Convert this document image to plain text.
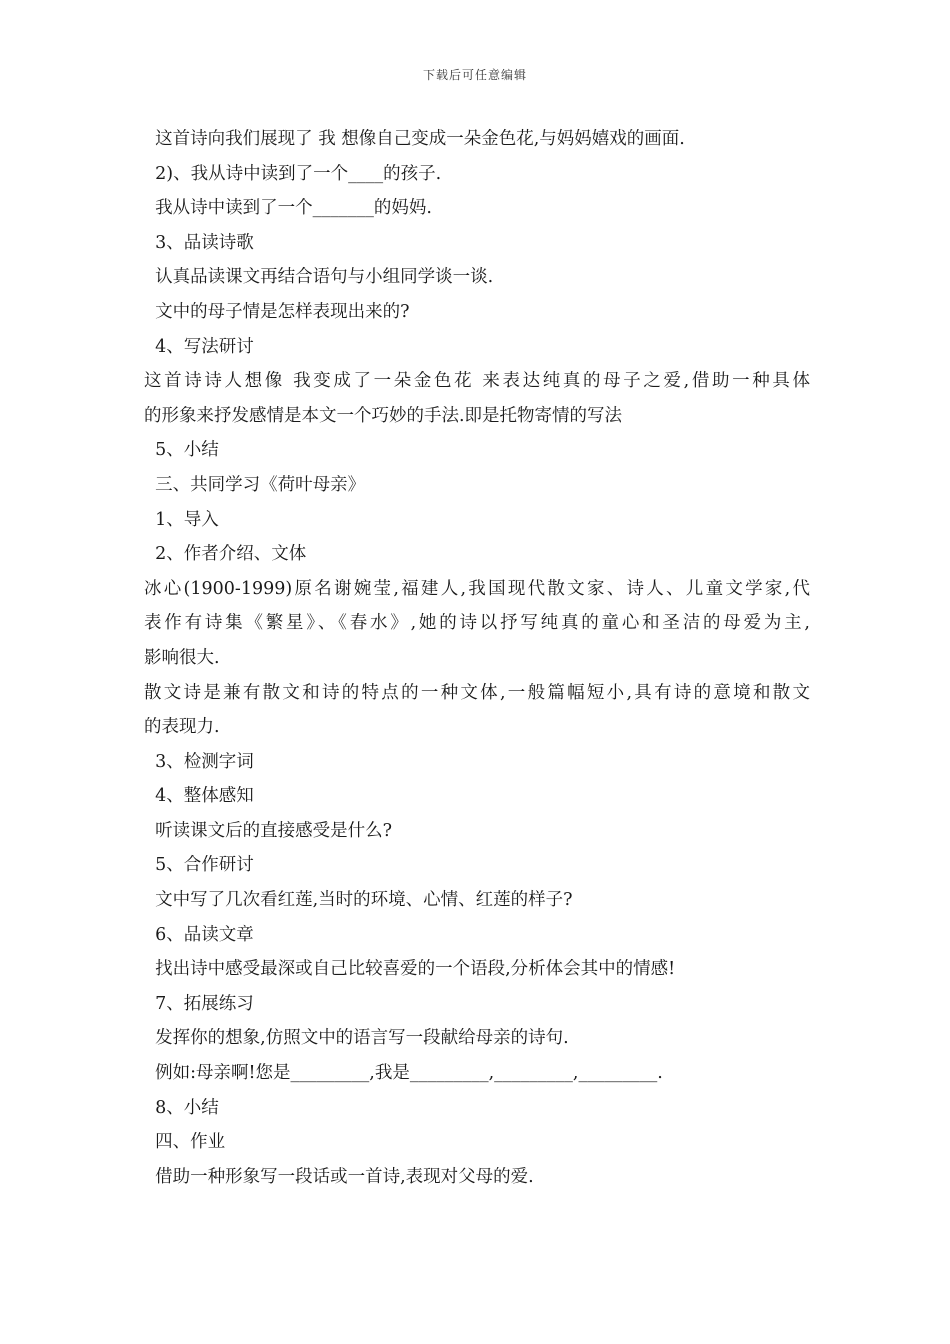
下载后可任意编辑
这首诗向我们展现了 我 想像自己变成一朵金色花,与妈妈嬉戏的画面.
2)、我从诗中读到了一个____的孩子.
我从诗中读到了一个_______的妈妈.
3、品读诗歌
认真品读课文再结合语句与小组同学谈一谈.
文中的母子情是怎样表现出来的?
4、写法研讨
这首诗诗人想像 我变成了一朵金色花 来表达纯真的母子之爱,借助一种具体
的形象来抒发感情是本文一个巧妙的手法.即是托物寄情的写法
5、小结
三、共同学习《荷叶母亲》
1、导入
2、作者介绍、文体
冰心(1900-1999)原名谢婉莹,福建人,我国现代散文家、诗人、儿童文学家,代
表作有诗集《繁星》、《春水》,她的诗以抒写纯真的童心和圣洁的母爱为主,
影响很大.
散文诗是兼有散文和诗的特点的一种文体,一般篇幅短小,具有诗的意境和散文
的表现力.
3、检测字词
4、整体感知
听读课文后的直接感受是什么?
5、合作研讨
文中写了几次看红莲,当时的环境、心情、红莲的样子?
6、品读文章
找出诗中感受最深或自己比较喜爱的一个语段,分析体会其中的情感!
7、拓展练习
发挥你的想象,仿照文中的语言写一段献给母亲的诗句.
例如:母亲啊!您是_________,我是_________,_________,_________.
8、小结
四、作业
借助一种形象写一段话或一首诗,表现对父母的爱.
